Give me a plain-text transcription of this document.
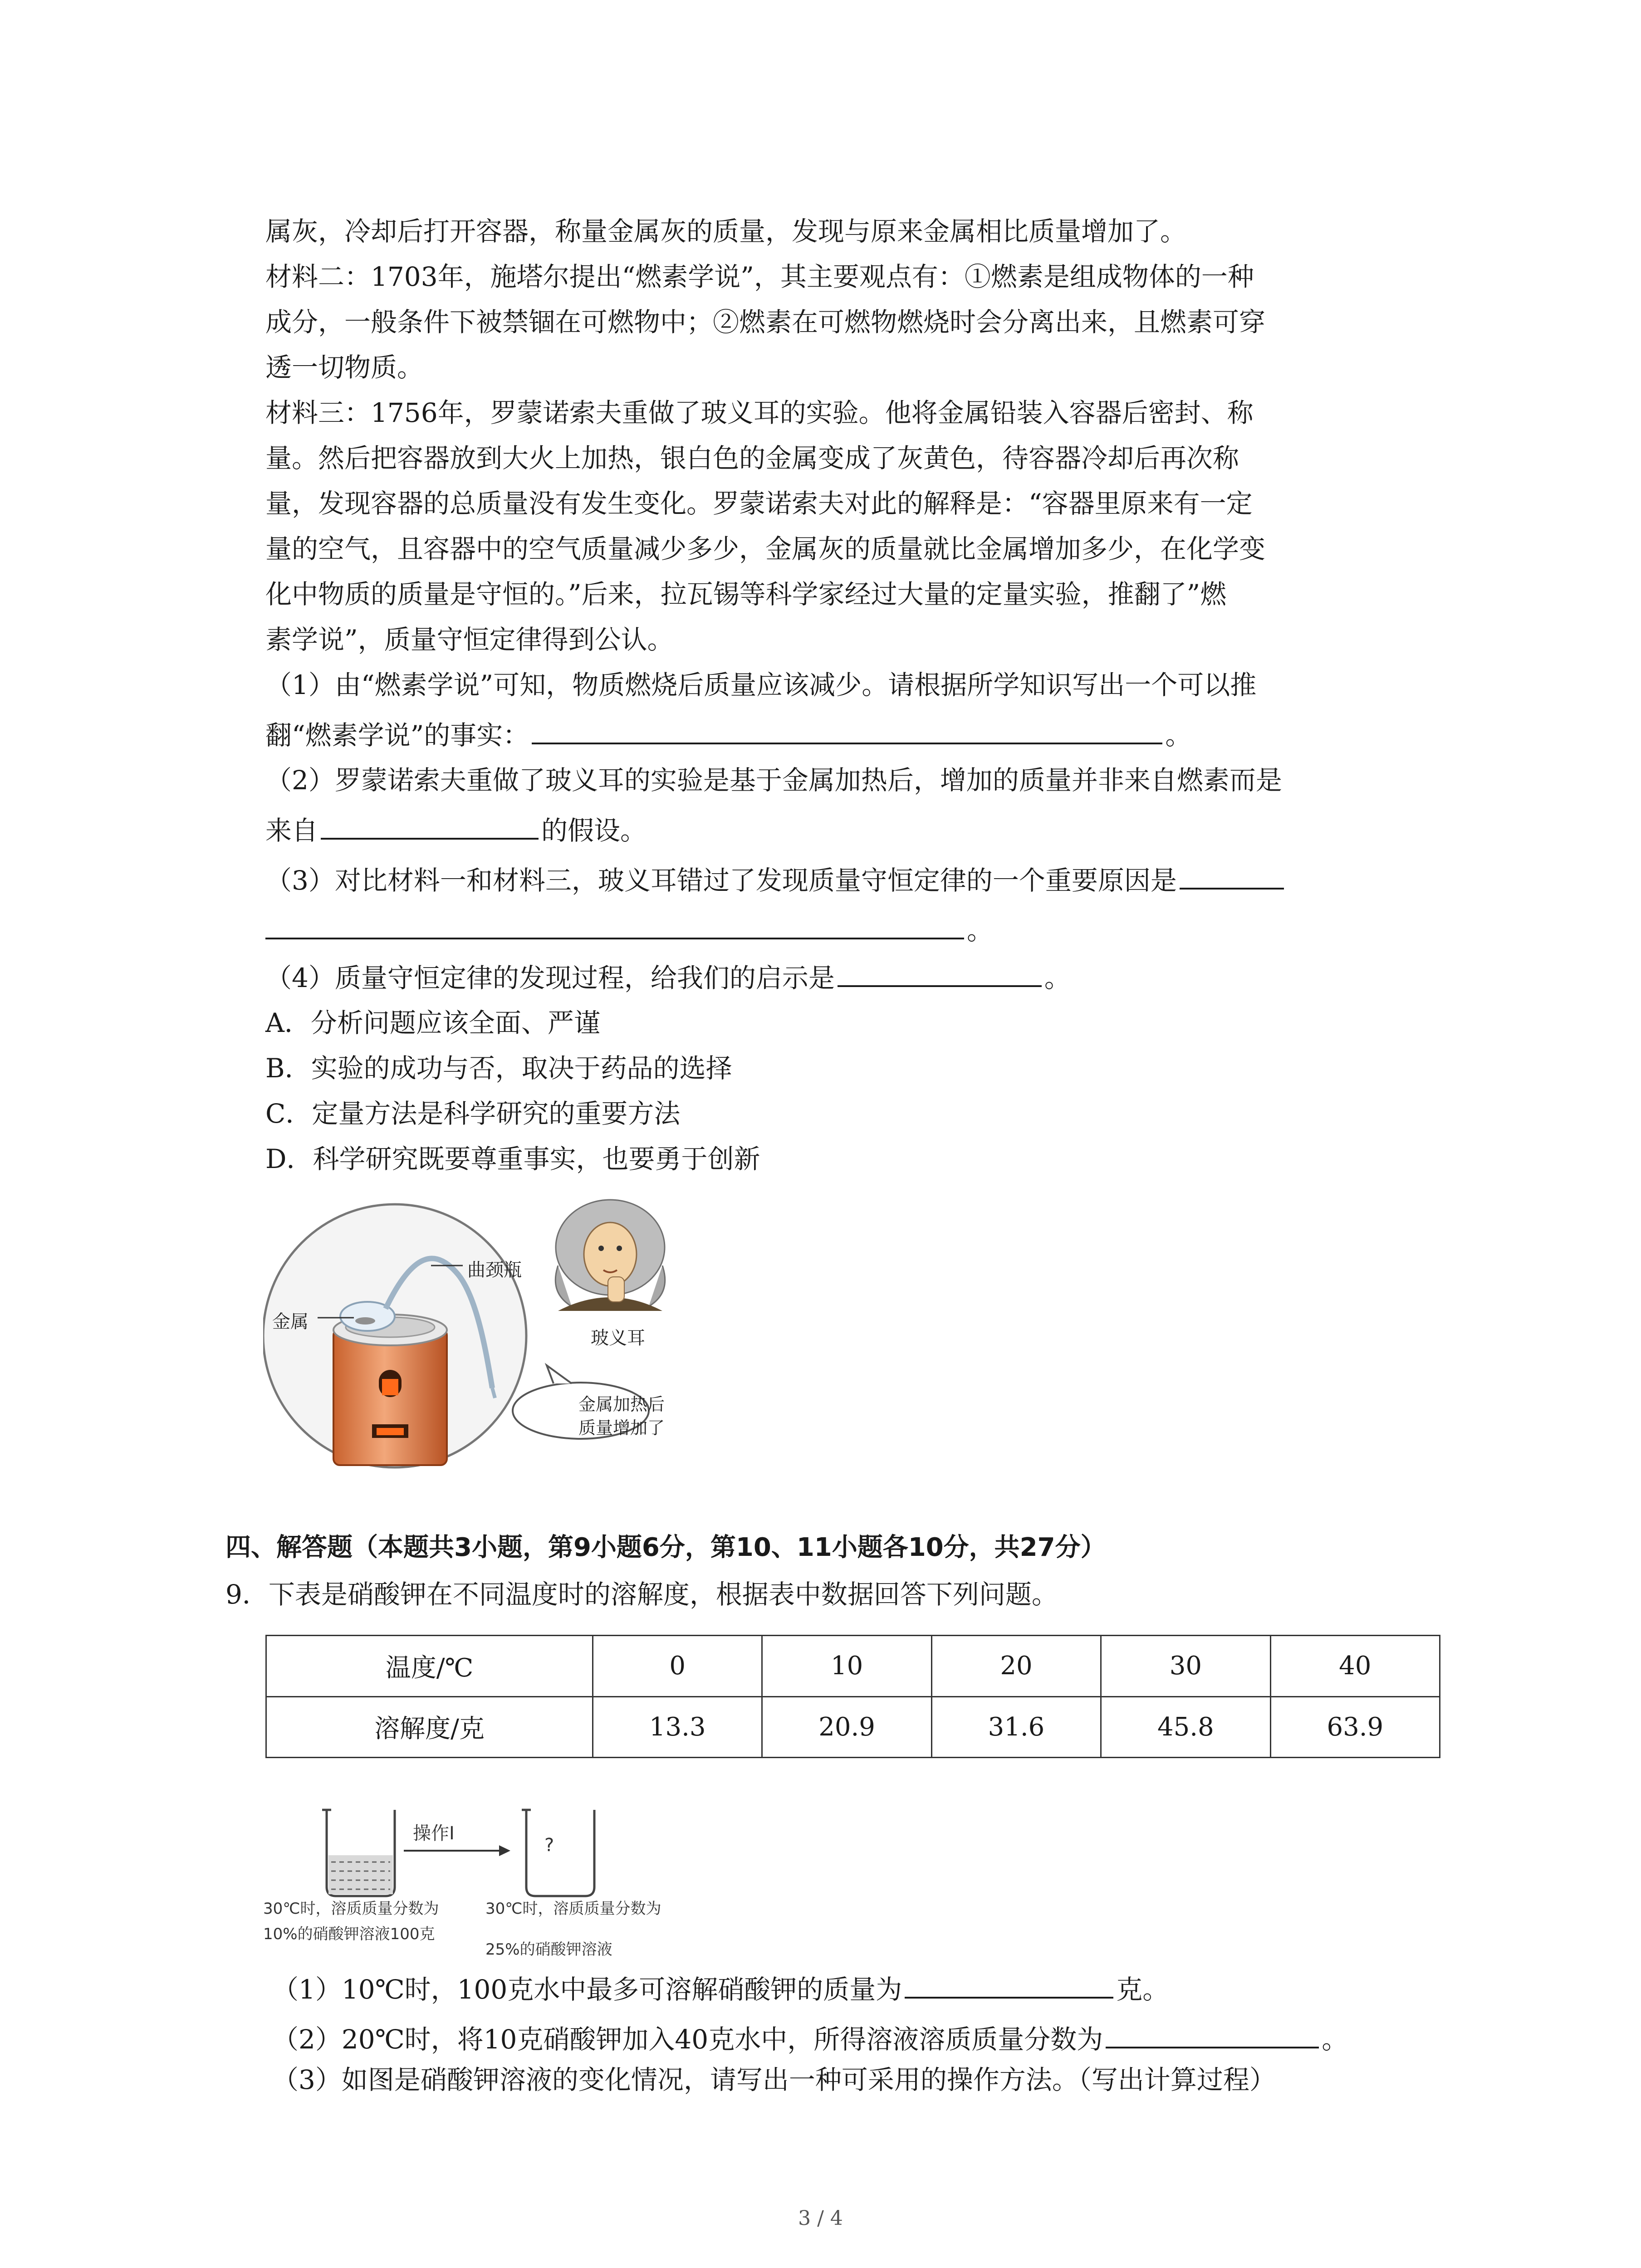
属灰，冷却后打开容器，称量金属灰的质量，发现与原来金属相比质量增加了。
材料二：1703年，施塔尔提出“燃素学说”，其主要观点有：①燃素是组成物体的一种
成分，一般条件下被禁锢在可燃物中；②燃素在可燃物燃烧时会分离出来，且燃素可穿
透一切物质。
材料三：1756年，罗蒙诺索夫重做了玻义耳的实验。他将金属铅装入容器后密封、称
量。然后把容器放到大火上加热，银白色的金属变成了灰黄色，待容器冷却后再次称
量，发现容器的总质量没有发生变化。罗蒙诺索夫对此的解释是：“容器里原来有一定
量的空气，且容器中的空气质量减少多少，金属灰的质量就比金属增加多少，在化学变
化中物质的质量是守恒的。”后来，拉瓦锡等科学家经过大量的定量实验，推翻了”燃
素学说”，质量守恒定律得到公认。
（1）由“燃素学说”可知，物质燃烧后质量应该减少。请根据所学知识写出一个可以推
翻“燃素学说”的事实：	。
（2）罗蒙诺索夫重做了玻义耳的实验是基于金属加热后，增加的质量并非来自燃素而是
来自	的假设。
（3）对比材料一和材料三，玻义耳错过了发现质量守恒定律的一个重要原因是
。
（4）质量守恒定律的发现过程，给我们的启示是	。
A．分析问题应该全面、严谨
B．实验的成功与否，取决于药品的选择
C．定量方法是科学研究的重要方法
D．科学研究既要尊重事实，也要勇于创新
曲颈瓶
金属
玻义耳
金属加热后
质量增加了
四、解答题（本题共3小题，第9小题6分，第10、11小题各10分，共27分）
9．下表是硝酸钾在不同温度时的溶解度，根据表中数据回答下列问题。
温度/℃	0	10	20	30	40
溶解度/克	13.3	20.9	31.6	45.8	63.9
操作Ⅰ
?
30℃时，溶质质量分数为
10%的硝酸钾溶液100克
30℃时，溶质质量分数为
25%的硝酸钾溶液
（1）10℃时，100克水中最多可溶解硝酸钾的质量为	克。
（2）20℃时，将10克硝酸钾加入40克水中，所得溶液溶质质量分数为	。
（3）如图是硝酸钾溶液的变化情况，请写出一种可采用的操作方法。（写出计算过程）
3 / 4
